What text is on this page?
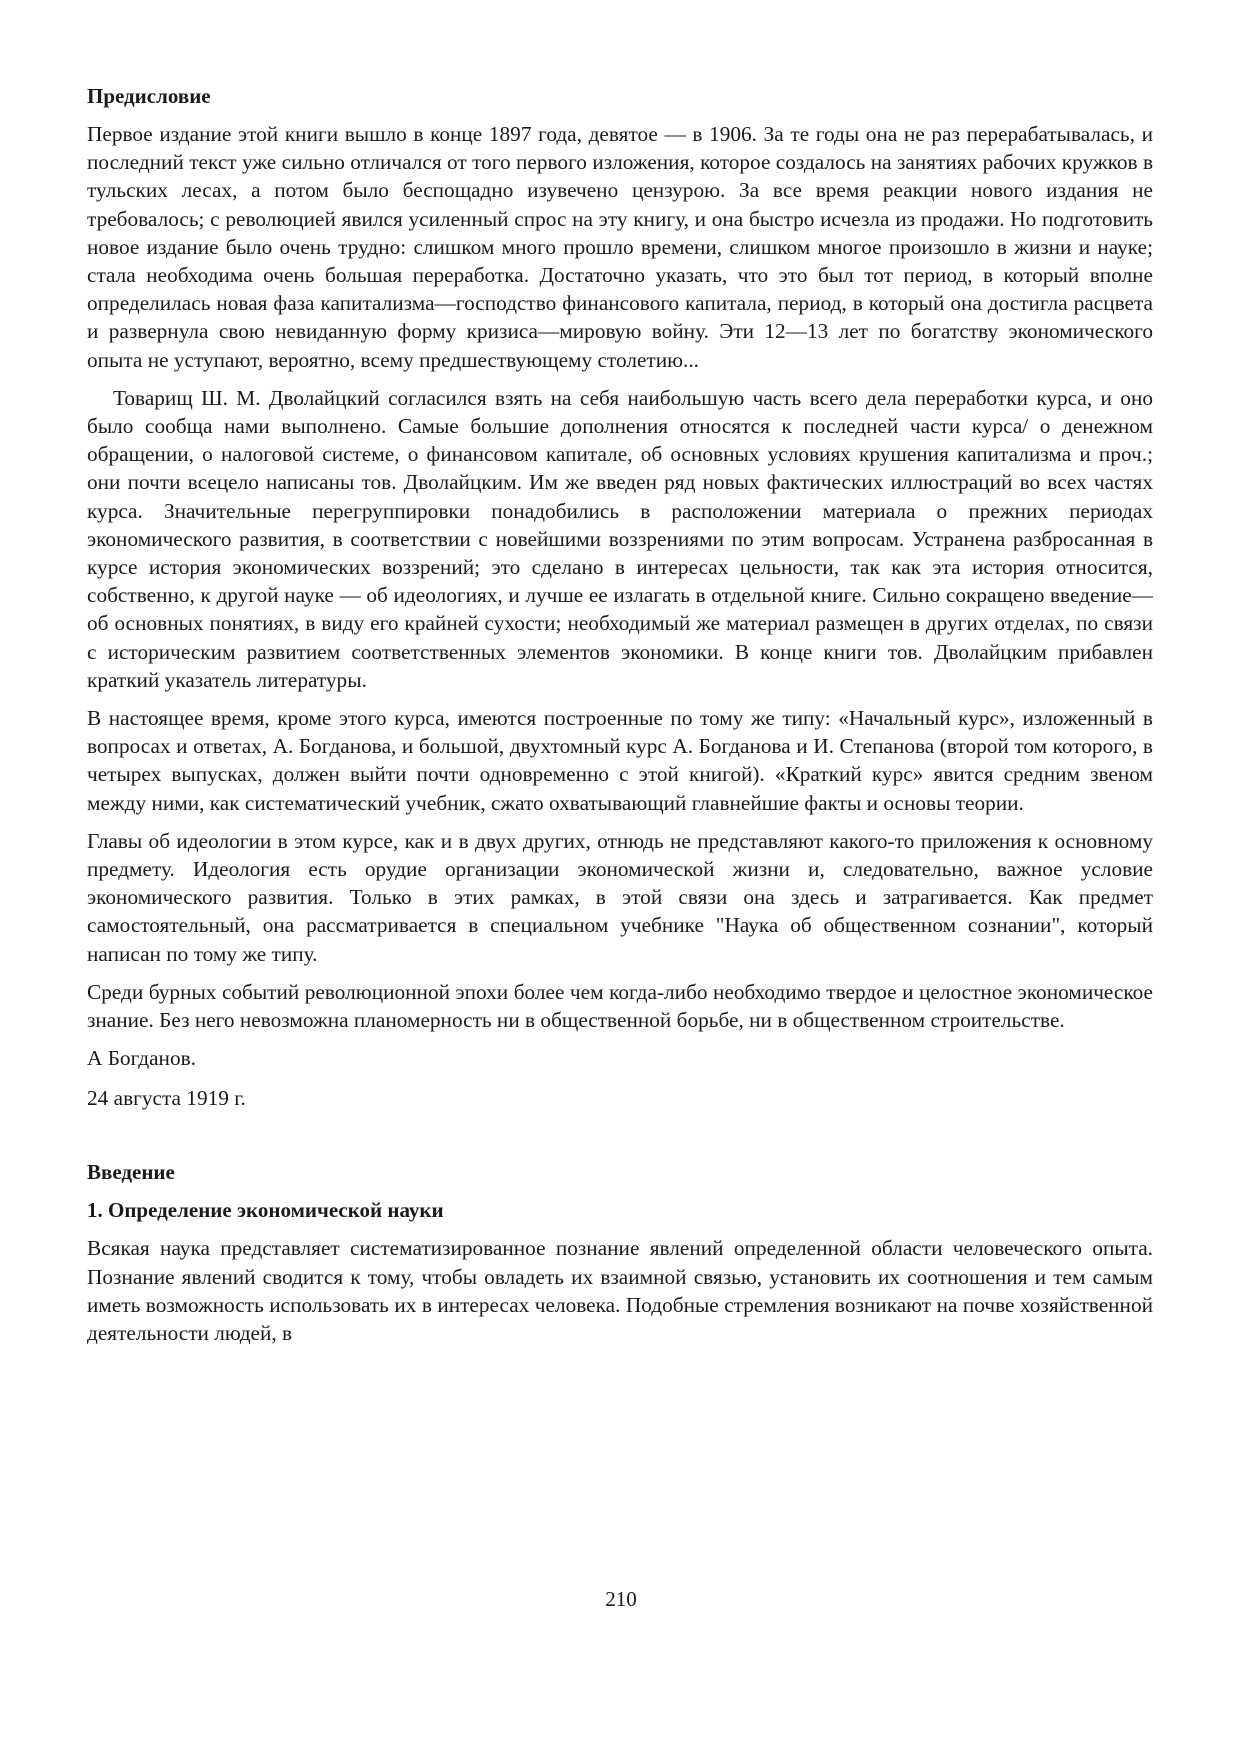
Предисловие

Первое издание этой книги вышло в конце 1897 года, девятое — в 1906. За те годы она не раз перерабатывалась, и последний текст уже сильно отличался от того первого изложения, которое создалось на занятиях рабочих кружков в тульских лесах, а потом было беспощадно изувечено цензурою. За все время реакции нового издания не требовалось; с революцией явился усиленный спрос на эту книгу, и она быстро исчезла из продажи. Но подготовить новое издание было очень трудно: слишком много прошло времени, слишком многое произошло в жизни и науке; стала необходима очень большая переработка. Достаточно указать, что это был тот период, в который вполне определилась новая фаза капитализма—господство финансового капитала, период, в который она достигла расцвета и развернула свою невиданную форму кризиса—мировую войну. Эти 12—13 лет по богатству экономического опыта не уступают, вероятно, всему предшествующему столетию...

Товарищ Ш. М. Дволайцкий согласился взять на себя наибольшую часть всего дела переработки курса, и оно было сообща нами выполнено. Самые большие дополнения относятся к последней части курса/ о денежном обращении, о налоговой системе, о финансовом капитале, об основных условиях крушения капитализма и проч.; они почти всецело написаны тов. Дволайцким. Им же введен ряд новых фактических иллюстраций во всех частях курса. Значительные перегруппировки понадобились в расположении материала о прежних периодах экономического развития, в соответствии с новейшими воззрениями по этим вопросам. Устранена разбросанная в курсе история экономических воззрений; это сделано в интересах цельности, так как эта история относится, собственно, к другой науке — об идеологиях, и лучше ее излагать в отдельной книге. Сильно сокращено введение—об основных понятиях, в виду его крайней сухости; необходимый же материал размещен в других отделах, по связи с историческим развитием соответственных элементов экономики. В конце книги тов. Дволайцким прибавлен краткий указатель литературы.

В настоящее время, кроме этого курса, имеются построенные по тому же типу: «Начальный курс», изложенный в вопросах и ответах, А. Богданова, и большой, двухтомный курс А. Богданова и И. Степанова (второй том которого, в четырех выпусках, должен выйти почти одновременно с этой книгой). «Краткий курс» явится средним звеном между ними, как систематический учебник, сжато охватывающий главнейшие факты и основы теории.

Главы об идеологии в этом курсе, как и в двух других, отнюдь не представляют какого-то приложения к основному предмету. Идеология есть орудие организации экономической жизни и, следовательно, важное условие экономического развития. Только в этих рамках, в этой связи она здесь и затрагивается. Как предмет самостоятельный, она рассматривается в специальном учебнике "Наука об общественном сознании", который написан по тому же типу.

Среди бурных событий революционной эпохи более чем когда-либо необходимо твердое и целостное экономическое знание. Без него невозможна планомерность ни в общественной борьбе, ни в общественном строительстве.

А Богданов.
24 августа 1919 г.
Введение
1. Определение экономической науки

Всякая наука представляет систематизированное познание явлений определенной области человеческого опыта. Познание явлений сводится к тому, чтобы овладеть их взаимной связью, установить их соотношения и тем самым иметь возможность использовать их в интересах человека. Подобные стремления возникают на почве хозяйственной деятельности людей, в

210
